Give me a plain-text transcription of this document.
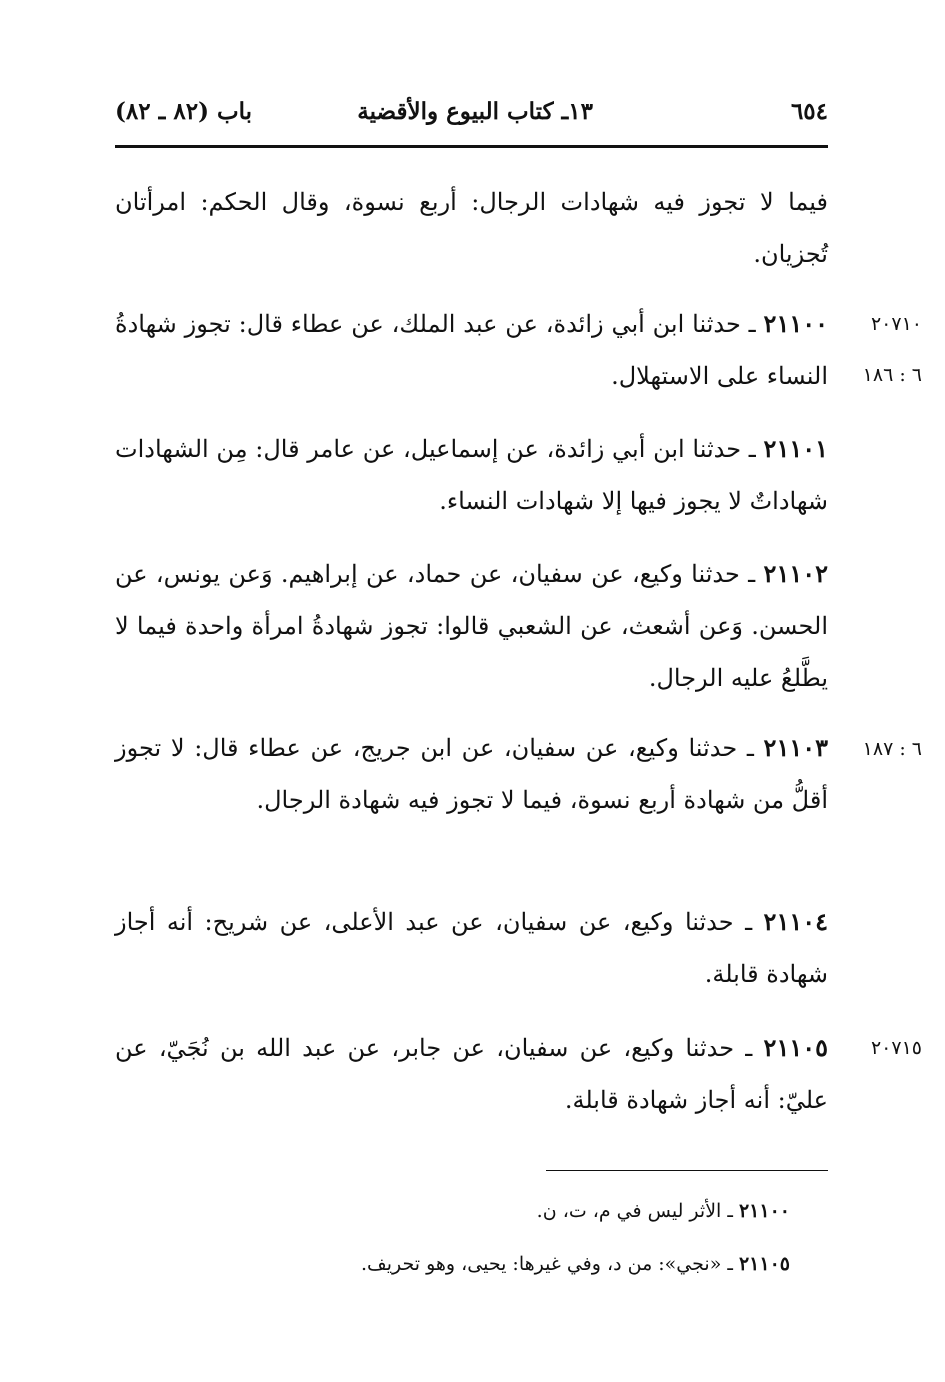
٦٥٤
١٣ـ كتاب البيوع والأقضية
باب (٨٢ ـ ٨٢)

فيما لا تجوز فيه شهادات الرجال: أربع نسوة، وقال الحكم: امرأتان تُجزيان.

٢١١٠٠ ـ حدثنا ابن أبي زائدة، عن عبد الملك، عن عطاء قال: تجوز شهادةُ النساء على الاستهلال.

٢٠٧١٠
٦ : ١٨٦

٢١١٠١ ـ حدثنا ابن أبي زائدة، عن إسماعيل، عن عامر قال: مِن الشهادات شهاداتٌ لا يجوز فيها إلا شهادات النساء.

٢١١٠٢ ـ حدثنا وكيع، عن سفيان، عن حماد، عن إبراهيم. وَعن يونس، عن الحسن. وَعن أشعث، عن الشعبي قالوا: تجوز شهادةُ امرأة واحدة فيما لا يطَّلعُ عليه الرجال.

٢١١٠٣ ـ حدثنا وكيع، عن سفيان، عن ابن جريج، عن عطاء قال: لا تجوز أقلُّ من شهادة أربع نسوة، فيما لا تجوز فيه شهادة الرجال.

٦ : ١٨٧

٢١١٠٤ ـ حدثنا وكيع، عن سفيان، عن عبد الأعلى، عن شريح: أنه أجاز شهادة قابلة.

٢١١٠٥ ـ حدثنا وكيع، عن سفيان، عن جابر، عن عبد الله بن نُجَيّ، عن عليّ: أنه أجاز شهادة قابلة.

٢٠٧١٥
٢١١٠٠ ـ الأثر ليس في م، ت، ن.
٢١١٠٥ ـ «نجي»: من د، وفي غيرها: يحيى، وهو تحريف.
